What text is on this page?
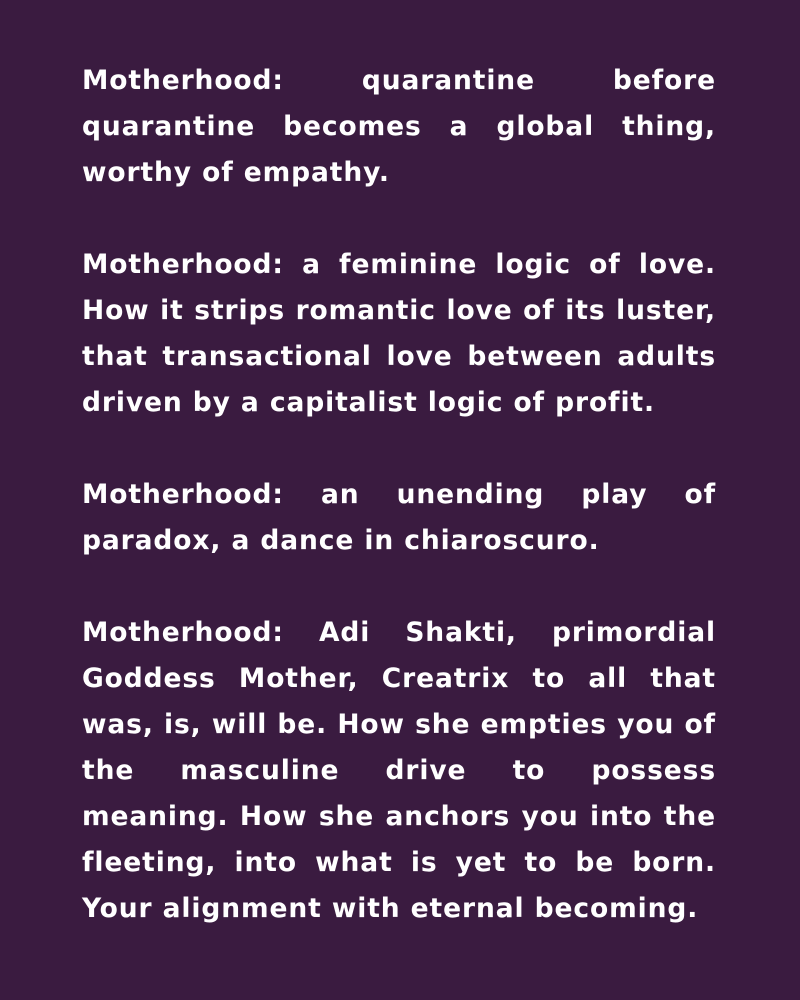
Motherhood: quarantine before quarantine becomes a global thing, worthy of empathy.

Motherhood: a feminine logic of love. How it strips romantic love of its luster, that transactional love between adults driven by a capitalist logic of profit.

Motherhood: an unending play of paradox, a dance in chiaroscuro.

Motherhood: Adi Shakti, primordial Goddess Mother, Creatrix to all that was, is, will be. How she empties you of the masculine drive to possess meaning. How she anchors you into the fleeting, into what is yet to be born. Your alignment with eternal becoming.
